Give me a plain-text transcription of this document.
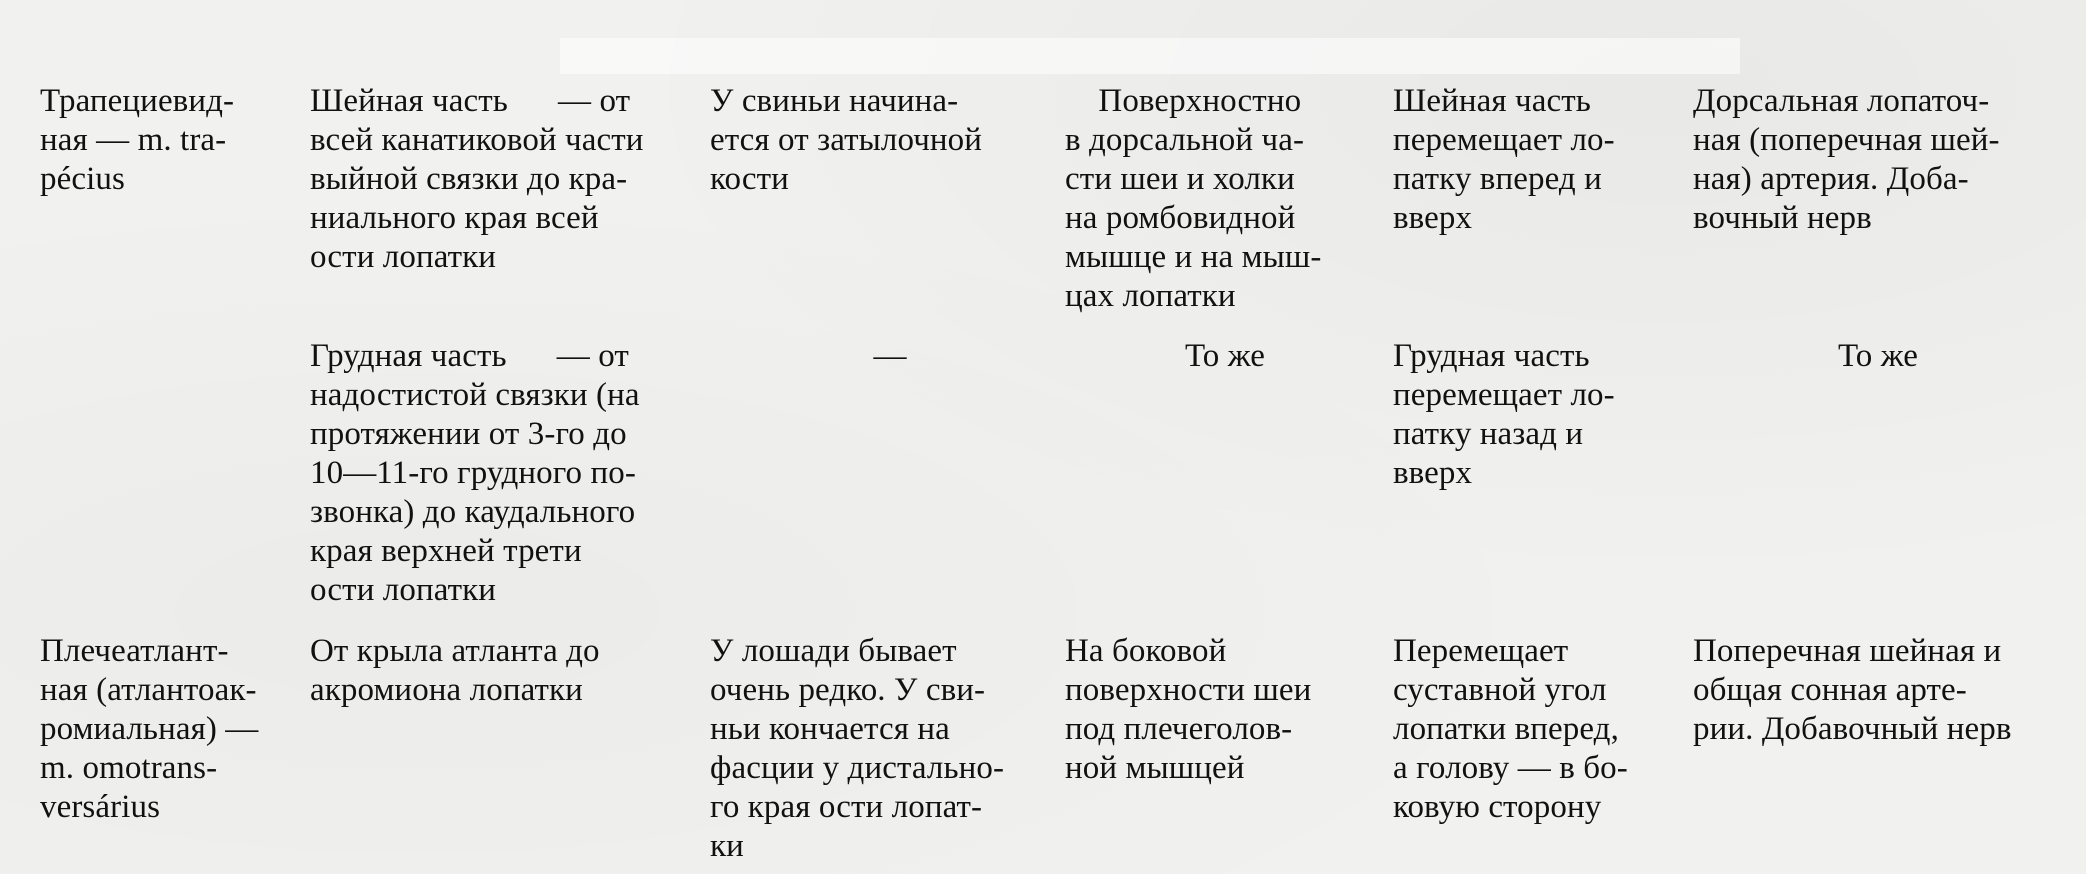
Трапециевид-
ная — m. tra-
pécius
Шейная часть      — от
всей канатиковой части
выйной связки до кра-
ниального края всей
ости лопатки
У свиньи начина-
ется от затылочной
кости
Поверхностно
в дорсальной ча-
сти шеи и холки
на ромбовидной
мышце и на мыш-
цах лопатки
Шейная часть
перемещает ло-
патку вперед и
вверх
Дорсальная лопаточ-
ная (поперечная шей-
ная) артерия. Доба-
вочный нерв
Грудная часть      — от
надостистой связки (на
протяжении от 3-го до
10—11-го грудного по-
звонка) до каудального
края верхней трети
ости лопатки
—	То же	Грудная часть
перемещает ло-
патку назад и
вверх
То же
Плечеатлант-
ная (атлантоак-
ромиальная) —
m. omotrans-
versárius
От крыла атланта до
акромиона лопатки
У лошади бывает
очень редко. У сви-
ньи кончается на
фасции у дистально-
го края ости лопат-
ки
На боковой
поверхности шеи
под плечеголов-
ной мышцей
Перемещает
суставной угол
лопатки вперед,
а голову — в бо-
ковую сторону
Поперечная шейная и
общая сонная арте-
рии. Добавочный нерв
